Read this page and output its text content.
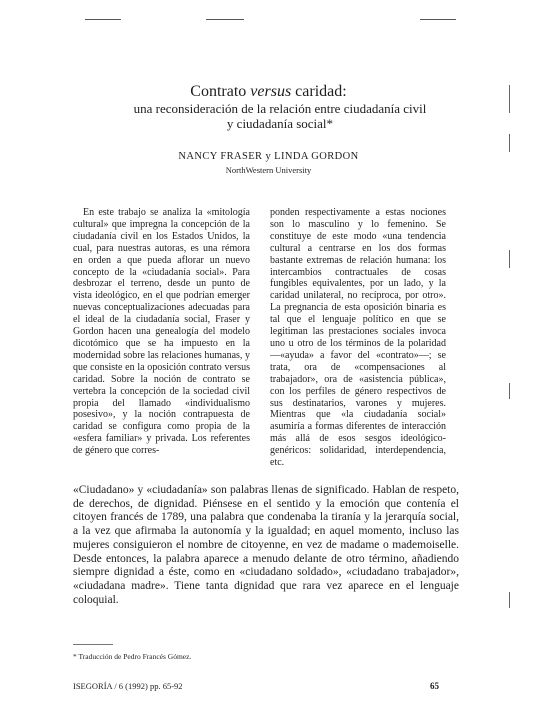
Contrato versus caridad:
una reconsideración de la relación entre ciudadanía civil
y ciudadanía social*
NANCY FRASER y LINDA GORDON
NorthWestern University

En este trabajo se analiza la «mitología cultural» que impregna la concepción de la ciudadanía civil en los Estados Unidos, la cual, para nuestras autoras, es una rémora en orden a que pueda aflorar un nuevo concepto de la «ciudadanía social». Para desbrozar el terreno, desde un punto de vista ideológico, en el que podrían emerger nuevas conceptualizaciones adecuadas para el ideal de la ciudadanía social, Fraser y Gordon hacen una genealogía del modelo dicotómico que se ha impuesto en la modernidad sobre las relaciones humanas, y que consiste en la oposición contrato versus caridad. Sobre la noción de contrato se vertebra la concepción de la sociedad civil propia del llamado «individualismo posesivo», y la noción contrapuesta de caridad se configura como propia de la «esfera familiar» y privada. Los referentes de género que corres-

ponden respectivamente a estas nociones son lo masculino y lo femenino. Se constituye de este modo «una tendencia cultural a centrarse en los dos formas bastante extremas de relación humana: los intercambios contractuales de cosas fungibles equivalentes, por un lado, y la caridad unilateral, no recíproca, por otro». La pregnancia de esta oposición binaria es tal que el lenguaje político en que se legitiman las prestaciones sociales invoca uno u otro de los términos de la polaridad —«ayuda» a favor del «contrato»—; se trata, ora de «compensaciones al trabajador», ora de «asistencia pública», con los perfiles de género respectivos de sus destinatarios, varones y mujeres. Mientras que «la ciudadanía social» asumiría a formas diferentes de interacción más allá de esos sesgos ideológico-genéricos: solidaridad, interdependencia, etc.

«Ciudadano» y «ciudadanía» son palabras llenas de significado. Hablan de respeto, de derechos, de dignidad. Piénsese en el sentido y la emoción que contenía el citoyen francés de 1789, una palabra que condenaba la tiranía y la jerarquía social, a la vez que afirmaba la autonomía y la igualdad; en aquel momento, incluso las mujeres consiguieron el nombre de citoyenne, en vez de madame o mademoiselle. Desde entonces, la palabra aparece a menudo delante de otro término, añadiendo siempre dignidad a éste, como en «ciudadano soldado», «ciudadano trabajador», «ciudadana madre». Tiene tanta dignidad que rara vez aparece en el lenguaje coloquial.

* Traducción de Pedro Francés Gómez.
ISEGORÍA / 6 (1992) pp. 65-92	65
